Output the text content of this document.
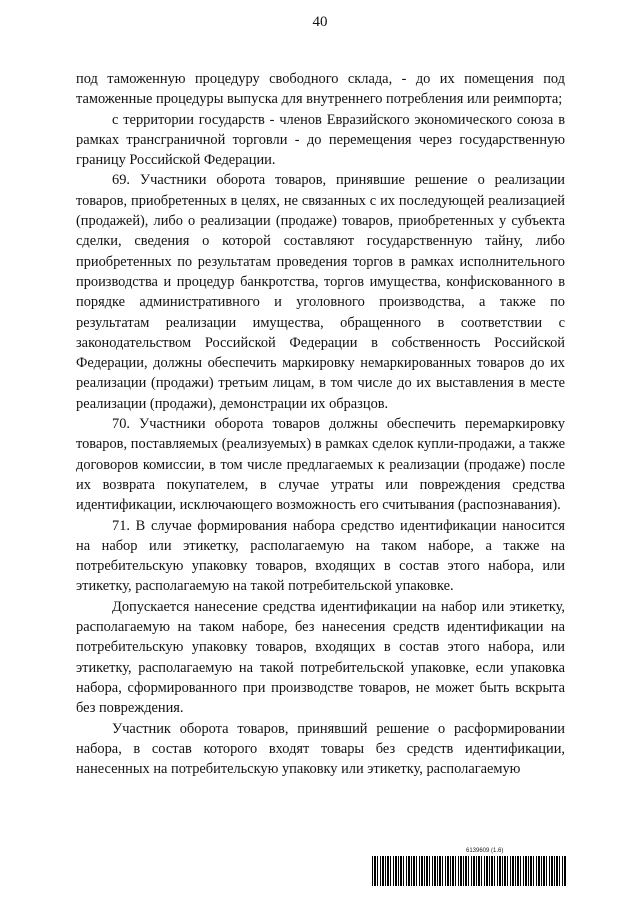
40

под таможенную процедуру свободного склада, - до их помещения под таможенные процедуры выпуска для внутреннего потребления или реимпорта;

с территории государств - членов Евразийского экономического союза в рамках трансграничной торговли - до перемещения через государственную границу Российской Федерации.

69. Участники оборота товаров, принявшие решение о реализации товаров, приобретенных в целях, не связанных с их последующей реализацией (продажей), либо о реализации (продаже) товаров, приобретенных у субъекта сделки, сведения о которой составляют государственную тайну, либо приобретенных по результатам проведения торгов в рамках исполнительного производства и процедур банкротства, торгов имущества, конфискованного в порядке административного и уголовного производства, а также по результатам реализации имущества, обращенного в соответствии с законодательством Российской Федерации в собственность Российской Федерации, должны обеспечить маркировку немаркированных товаров до их реализации (продажи) третьим лицам, в том числе до их выставления в месте реализации (продажи), демонстрации их образцов.

70. Участники оборота товаров должны обеспечить перемаркировку товаров, поставляемых (реализуемых) в рамках сделок купли-продажи, а также договоров комиссии, в том числе предлагаемых к реализации (продаже) после их возврата покупателем, в случае утраты или повреждения средства идентификации, исключающего возможность его считывания (распознавания).

71. В случае формирования набора средство идентификации наносится на набор или этикетку, располагаемую на таком наборе, а также на потребительскую упаковку товаров, входящих в состав этого набора, или этикетку, располагаемую на такой потребительской упаковке.

Допускается нанесение средства идентификации на набор или этикетку, располагаемую на таком наборе, без нанесения средств идентификации на потребительскую упаковку товаров, входящих в состав этого набора, или этикетку, располагаемую на такой потребительской упаковке, если упаковка набора, сформированного при производстве товаров, не может быть вскрыта без повреждения.

Участник оборота товаров, принявший решение о расформировании набора, в состав которого входят товары без средств идентификации, нанесенных на потребительскую упаковку или этикетку, располагаемую

6139609 (1.6)
